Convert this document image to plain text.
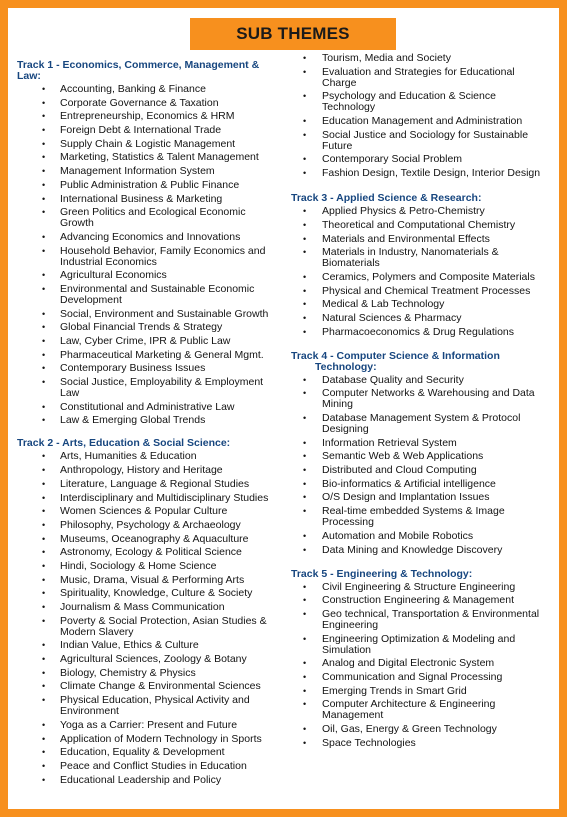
SUB THEMES
Track 1 - Economics, Commerce, Management & Law:
• Accounting, Banking & Finance
• Corporate Governance & Taxation
• Entrepreneurship, Economics & HRM
• Foreign Debt & International Trade
• Supply Chain & Logistic Management
• Marketing, Statistics & Talent Management
• Management Information System
• Public Administration & Public Finance
• International Business & Marketing
• Green Politics and Ecological Economic Growth
• Advancing Economics and Innovations
• Household Behavior, Family Economics and Industrial Economics
• Agricultural Economics
• Environmental and Sustainable Economic Development
• Social, Environment and Sustainable Growth
• Global Financial Trends & Strategy
• Law, Cyber Crime, IPR & Public Law
• Pharmaceutical Marketing & General Mgmt.
• Contemporary Business Issues
• Social Justice, Employability & Employment Law
• Constitutional and Administrative Law
• Law & Emerging Global Trends
Track 2 - Arts, Education & Social Science:
• Arts, Humanities & Education
• Anthropology, History and Heritage
• Literature, Language & Regional Studies
• Interdisciplinary and Multidisciplinary Studies
• Women Sciences & Popular Culture
• Philosophy, Psychology & Archaeology
• Museums, Oceanography & Aquaculture
• Astronomy, Ecology & Political Science
• Hindi, Sociology & Home Science
• Music, Drama, Visual & Performing Arts
• Spirituality, Knowledge, Culture & Society
• Journalism & Mass Communication
• Poverty & Social Protection, Asian Studies & Modern Slavery
• Indian Value, Ethics & Culture
• Agricultural Sciences, Zoology & Botany
• Biology, Chemistry & Physics
• Climate Change & Environmental Sciences
• Physical Education, Physical Activity and Environment
• Yoga as a Carrier: Present and Future
• Application of Modern Technology in Sports
• Education, Equality & Development
• Peace and Conflict Studies in Education
• Educational Leadership and Policy
• Tourism, Media and Society
• Evaluation and Strategies for Educational Charge
• Psychology and Education & Science Technology
• Education Management and Administration
• Social Justice and Sociology for Sustainable Future
• Contemporary Social Problem
• Fashion Design, Textile Design, Interior Design
Track 3 - Applied Science & Research:
• Applied Physics & Petro-Chemistry
• Theoretical and Computational Chemistry
• Materials and Environmental Effects
• Materials in Industry, Nanomaterials & Biomaterials
• Ceramics, Polymers and Composite Materials
• Physical and Chemical Treatment Processes
• Medical & Lab Technology
• Natural Sciences & Pharmacy
• Pharmacoeconomics & Drug Regulations
Track 4 - Computer Science & Information Technology:
• Database Quality and Security
• Computer Networks & Warehousing and Data Mining
• Database Management System & Protocol Designing
• Information Retrieval System
• Semantic Web & Web Applications
• Distributed and Cloud Computing
• Bio-informatics & Artificial intelligence
• O/S Design and Implantation Issues
• Real-time embedded Systems & Image Processing
• Automation and Mobile Robotics
• Data Mining and Knowledge Discovery
Track 5 - Engineering & Technology:
• Civil Engineering & Structure Engineering
• Construction Engineering & Management
• Geo technical, Transportation & Environmental Engineering
• Engineering Optimization & Modeling and Simulation
• Analog and Digital Electronic System
• Communication and Signal Processing
• Emerging Trends in Smart Grid
• Computer Architecture & Engineering Management
• Oil, Gas, Energy & Green Technology
• Space Technologies
